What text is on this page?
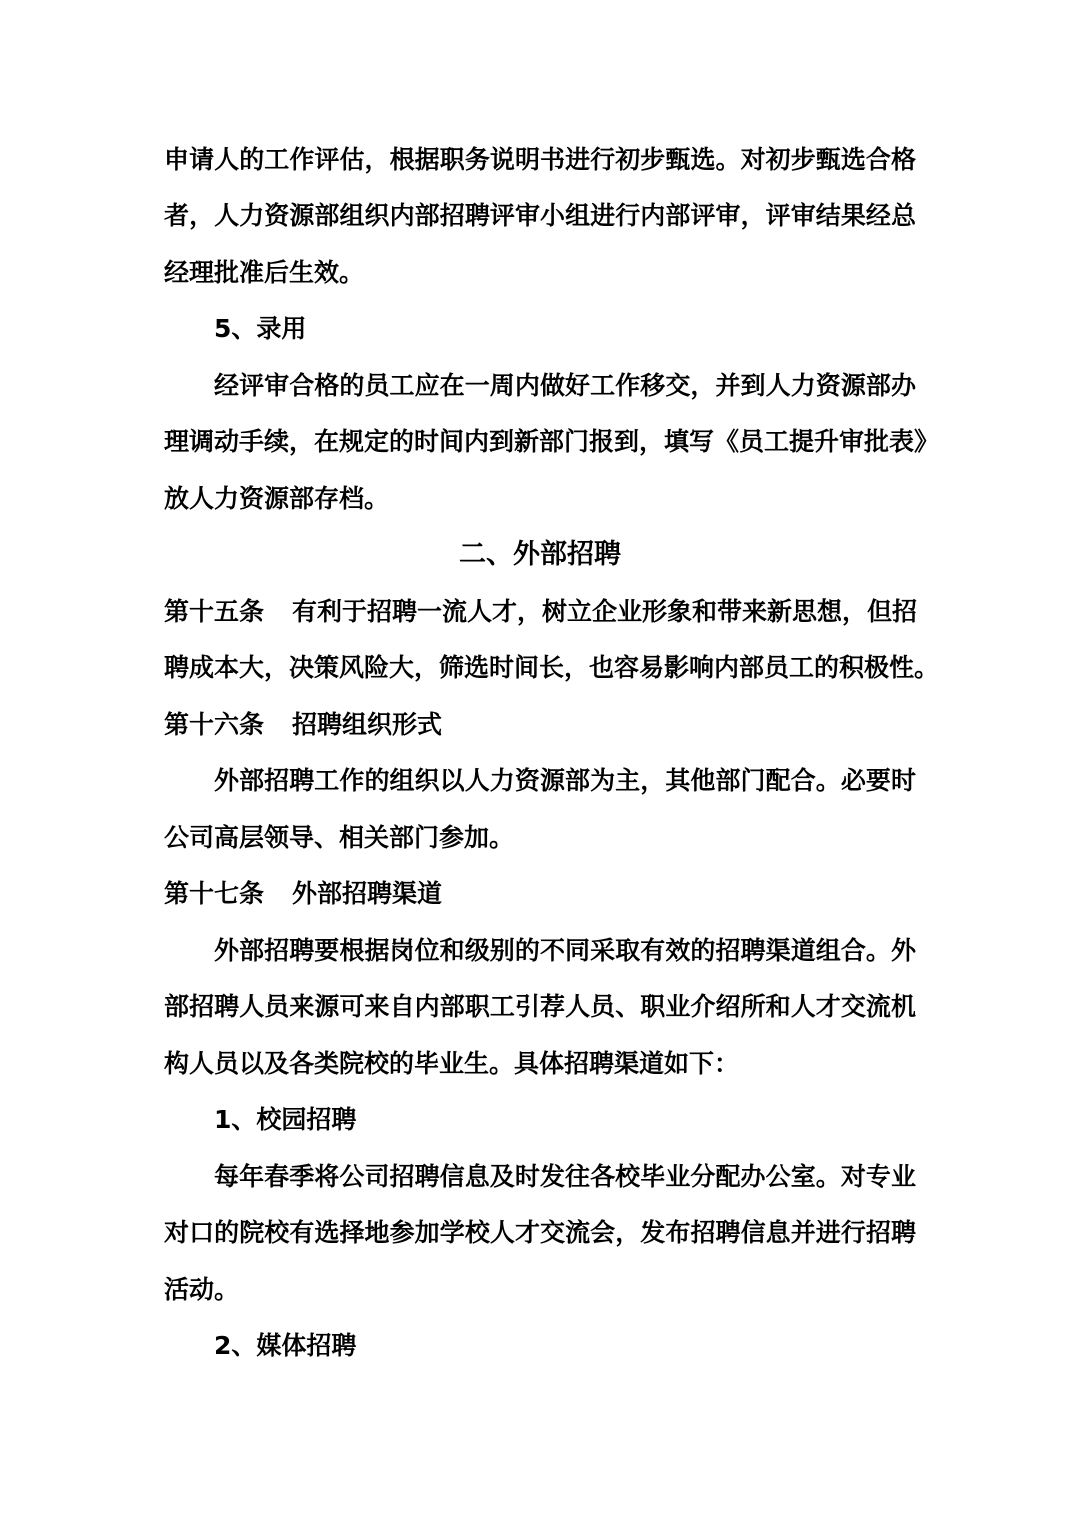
申请人的工作评估，根据职务说明书进行初步甄选。对初步甄选合格
者，人力资源部组织内部招聘评审小组进行内部评审，评审结果经总
经理批准后生效。
5、录用
经评审合格的员工应在一周内做好工作移交，并到人力资源部办
理调动手续，在规定的时间内到新部门报到，填写《员工提升审批表》
放人力资源部存档。
二、外部招聘
第十五条 有利于招聘一流人才，树立企业形象和带来新思想，但招
聘成本大，决策风险大，筛选时间长，也容易影响内部员工的积极性。
第十六条 招聘组织形式
外部招聘工作的组织以人力资源部为主，其他部门配合。必要时
公司高层领导、相关部门参加。
第十七条 外部招聘渠道
外部招聘要根据岗位和级别的不同采取有效的招聘渠道组合。外
部招聘人员来源可来自内部职工引荐人员、职业介绍所和人才交流机
构人员以及各类院校的毕业生。具体招聘渠道如下：
1、校园招聘
每年春季将公司招聘信息及时发往各校毕业分配办公室。对专业
对口的院校有选择地参加学校人才交流会，发布招聘信息并进行招聘
活动。
2、媒体招聘
